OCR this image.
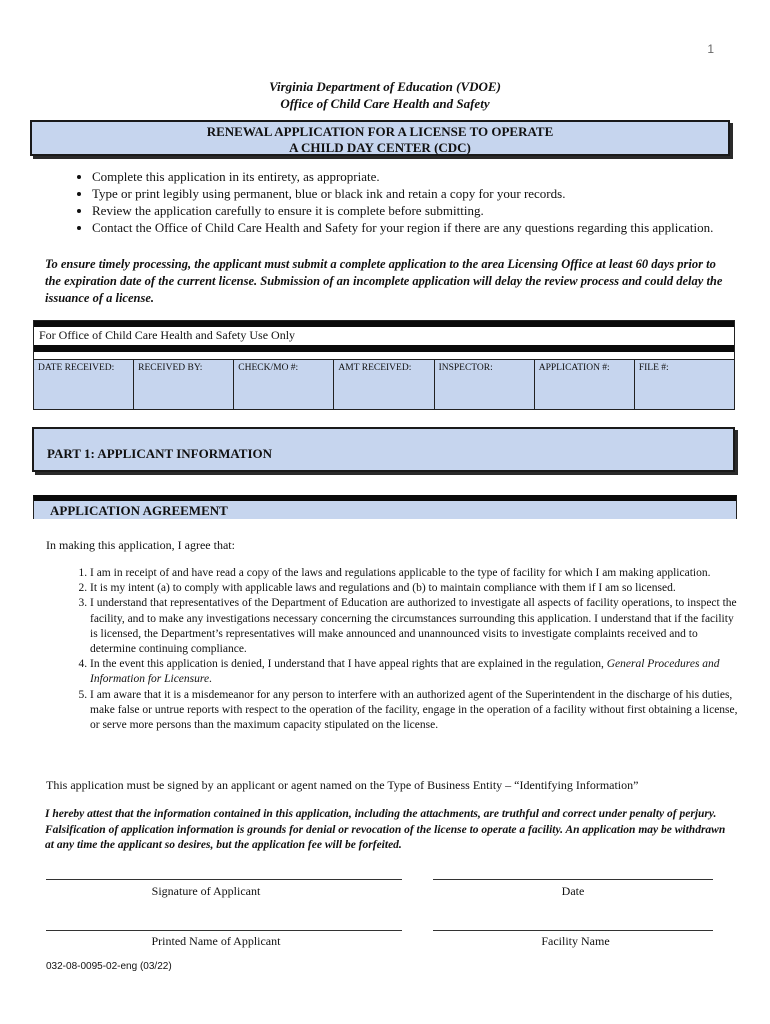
1
Virginia Department of Education (VDOE)
Office of Child Care Health and Safety
RENEWAL APPLICATION FOR A LICENSE TO OPERATE
A CHILD DAY CENTER (CDC)
• Complete this application in its entirety, as appropriate.
• Type or print legibly using permanent, blue or black ink and retain a copy for your records.
• Review the application carefully to ensure it is complete before submitting.
• Contact the Office of Child Care Health and Safety for your region if there are any questions regarding this application.
To ensure timely processing, the applicant must submit a complete application to the area Licensing Office at least 60 days prior to the expiration date of the current license. Submission of an incomplete application will delay the review process and could delay the issuance of a license.
For Office of Child Care Health and Safety Use Only
DATE RECEIVED:	RECEIVED BY:	CHECK/MO #:	AMT RECEIVED:	INSPECTOR:	APPLICATION #:	FILE #:
PART 1: APPLICANT INFORMATION
APPLICATION AGREEMENT
In making this application, I agree that:
1. I am in receipt of and have read a copy of the laws and regulations applicable to the type of facility for which I am making application.
2. It is my intent (a) to comply with applicable laws and regulations and (b) to maintain compliance with them if I am so licensed.
3. I understand that representatives of the Department of Education are authorized to investigate all aspects of facility operations, to inspect the facility, and to make any investigations necessary concerning the circumstances surrounding this application. I understand that if the facility is licensed, the Department’s representatives will make announced and unannounced visits to investigate complaints received and to determine continuing compliance.
4. In the event this application is denied, I understand that I have appeal rights that are explained in the regulation, General Procedures and Information for Licensure.
5. I am aware that it is a misdemeanor for any person to interfere with an authorized agent of the Superintendent in the discharge of his duties, make false or untrue reports with respect to the operation of the facility, engage in the operation of a facility without first obtaining a license, or serve more persons than the maximum capacity stipulated on the license.
This application must be signed by an applicant or agent named on the Type of Business Entity – “Identifying Information”
I hereby attest that the information contained in this application, including the attachments, are truthful and correct under penalty of perjury. Falsification of application information is grounds for denial or revocation of the license to operate a facility. An application may be withdrawn at any time the applicant so desires, but the application fee will be forfeited.
Signature of Applicant	Date
Printed Name of Applicant	Facility Name
032-08-0095-02-eng (03/22)
